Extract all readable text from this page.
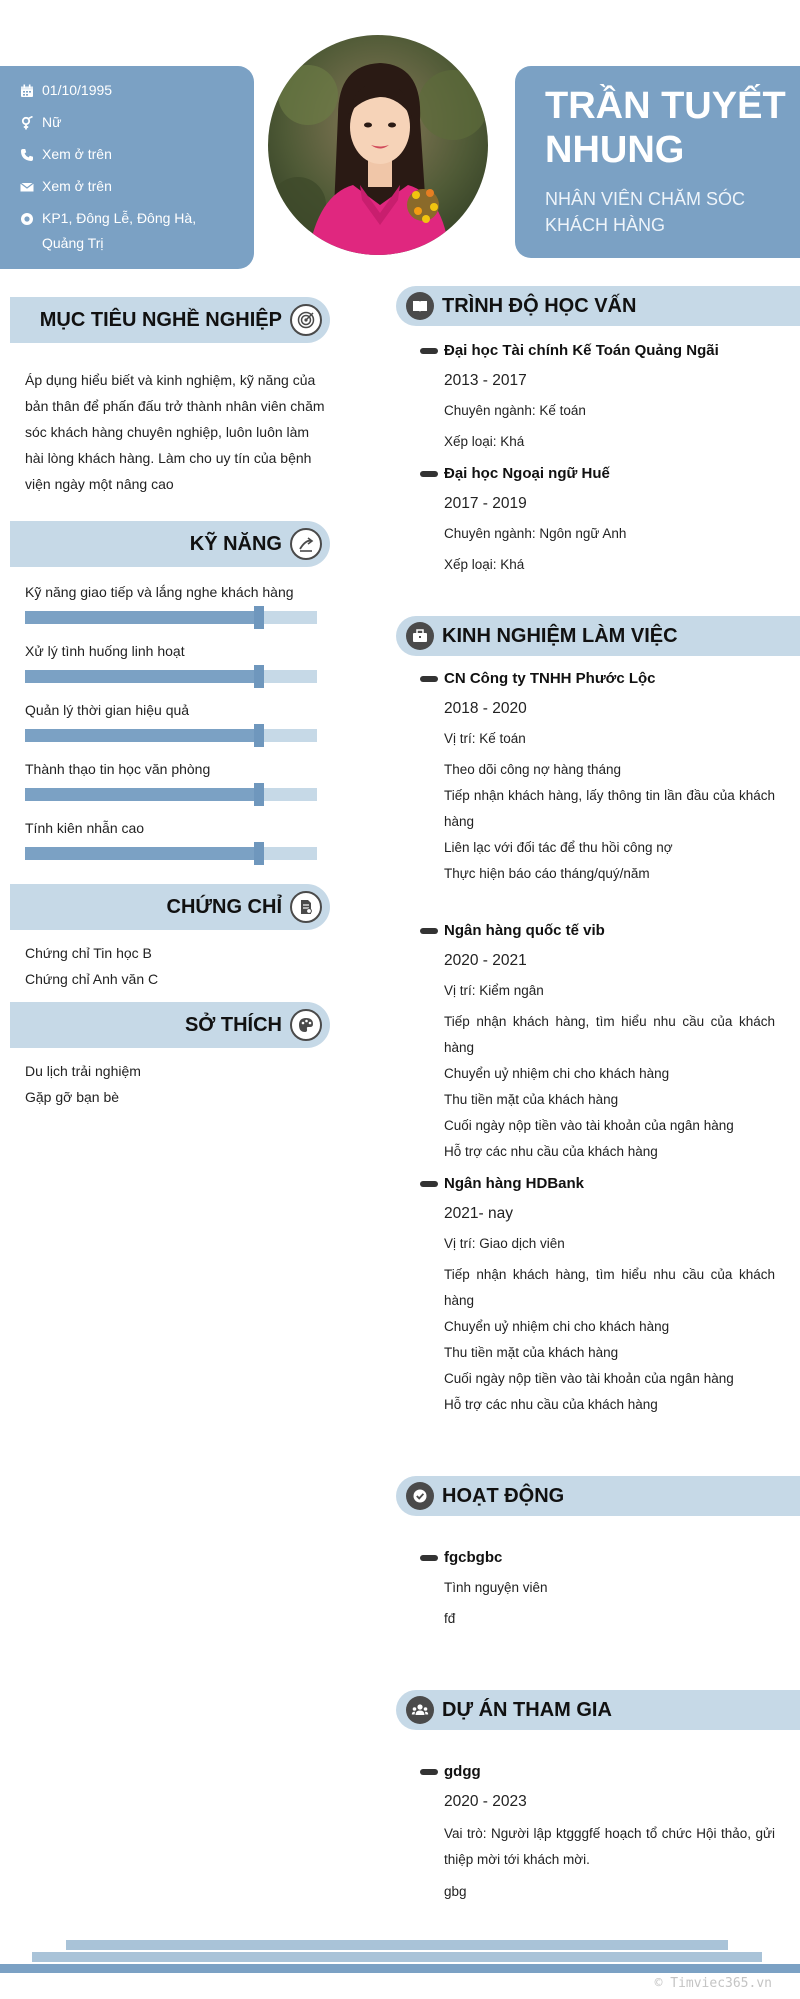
01/10/1995
Nữ
Xem ở trên
Xem ở trên
KP1, Đông Lễ, Đông Hà, Quảng Trị
TRẦN TUYẾT NHUNG
NHÂN VIÊN CHĂM SÓC KHÁCH HÀNG
MỤC TIÊU NGHỀ NGHIỆP
Áp dụng hiểu biết và kinh nghiệm, kỹ năng của bản thân để phấn đấu trở thành nhân viên chăm sóc khách hàng chuyên nghiệp, luôn luôn làm hài lòng khách hàng. Làm cho uy tín của bệnh viện ngày một nâng cao
KỸ NĂNG
Kỹ năng giao tiếp và lắng nghe khách hàng
Xử lý tình huống linh hoạt
Quản lý thời gian hiệu quả
Thành thạo tin học văn phòng
Tính kiên nhẫn cao
CHỨNG CHỈ
Chứng chỉ Tin học B
Chứng chỉ Anh văn C
SỞ THÍCH
Du lịch trải nghiệm
Gặp gỡ bạn bè
TRÌNH ĐỘ HỌC VẤN
Đại học Tài chính Kế Toán Quảng Ngãi
2013 - 2017
Chuyên ngành: Kế toán
Xếp loại: Khá
Đại học Ngoại ngữ Huế
2017 - 2019
Chuyên ngành: Ngôn ngữ Anh
Xếp loại: Khá
KINH NGHIỆM LÀM VIỆC
CN Công ty TNHH Phước Lộc
2018 - 2020
Vị trí: Kế toán
Theo dõi công nợ hàng tháng
Tiếp nhận khách hàng, lấy thông tin lần đầu của khách hàng
Liên lạc với đối tác để thu hồi công nợ
Thực hiện báo cáo tháng/quý/năm
Ngân hàng quốc tế vib
2020 - 2021
Vị trí: Kiểm ngân
Tiếp nhận khách hàng, tìm hiểu nhu cầu của khách hàng
Chuyển uỷ nhiệm chi cho khách hàng
Thu tiền mặt của khách hàng
Cuối ngày nộp tiền vào tài khoản của ngân hàng
Hỗ trợ các nhu cầu của khách hàng
Ngân hàng HDBank
2021- nay
Vị trí: Giao dịch viên
Tiếp nhận khách hàng, tìm hiểu nhu cầu của khách hàng
Chuyển uỷ nhiệm chi cho khách hàng
Thu tiền mặt của khách hàng
Cuối ngày nộp tiền vào tài khoản của ngân hàng
Hỗ trợ các nhu cầu của khách hàng
HOẠT ĐỘNG
fgcbgbc
Tình nguyện viên
fđ
DỰ ÁN THAM GIA
gdgg
2020 - 2023
Vai trò: Người lập ktgggfế hoạch tổ chức Hội thảo, gửi thiệp mời tới khách mời.
gbg
© Timviec365.vn
